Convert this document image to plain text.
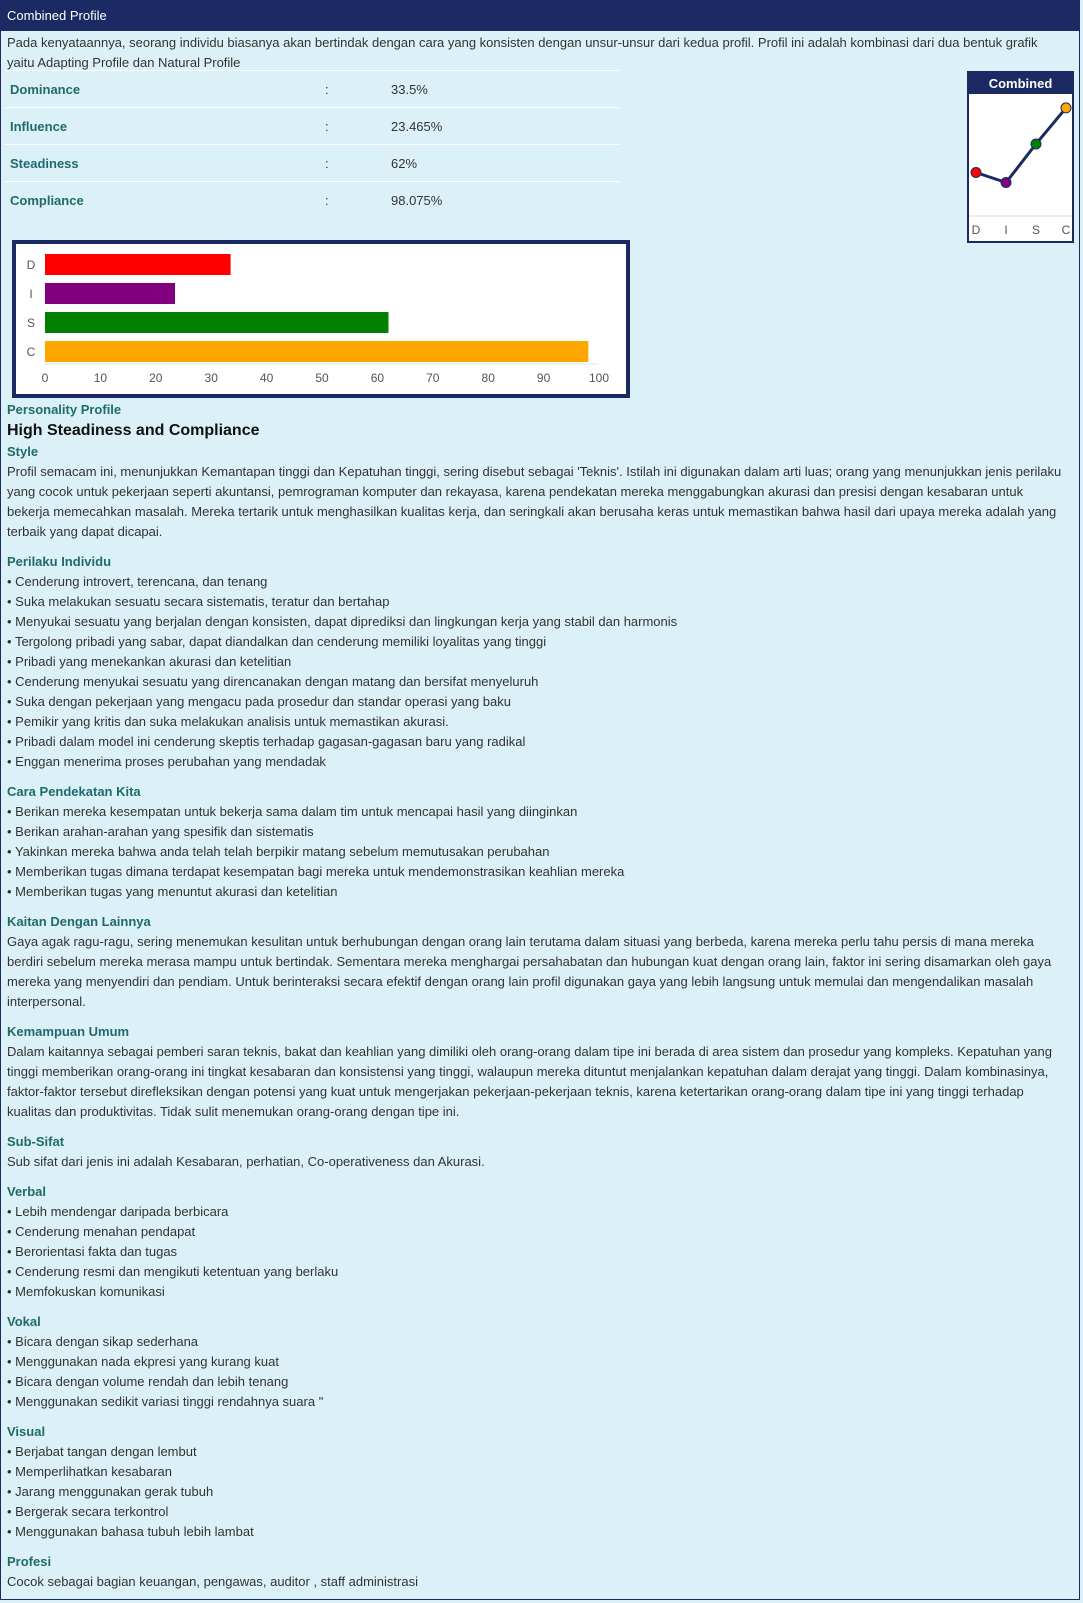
Combined Profile
Pada kenyataannya, seorang individu biasanya akan bertindak dengan cara yang konsisten dengan unsur-unsur dari kedua profil. Profil ini adalah kombinasi dari dua bentuk grafik yaitu Adapting Profile dan Natural Profile
Dominance	:	33.5%
Influence	:	23.465%
Steadiness	:	62%
Compliance	:	98.075%
Combined
D I S C
D
I
S
C
0	10	20	30	40	50	60	70	80	90	100
Personality Profile
High Steadiness and Compliance
Style
Profil semacam ini, menunjukkan Kemantapan tinggi dan Kepatuhan tinggi, sering disebut sebagai 'Teknis'. Istilah ini digunakan dalam arti luas; orang yang menunjukkan jenis perilaku yang cocok untuk pekerjaan seperti akuntansi, pemrograman komputer dan rekayasa, karena pendekatan mereka menggabungkan akurasi dan presisi dengan kesabaran untuk bekerja memecahkan masalah. Mereka tertarik untuk menghasilkan kualitas kerja, dan seringkali akan berusaha keras untuk memastikan bahwa hasil dari upaya mereka adalah yang terbaik yang dapat dicapai.
Perilaku Individu
• Cenderung introvert, terencana, dan tenang
• Suka melakukan sesuatu secara sistematis, teratur dan bertahap
• Menyukai sesuatu yang berjalan dengan konsisten, dapat diprediksi dan lingkungan kerja yang stabil dan harmonis
• Tergolong pribadi yang sabar, dapat diandalkan dan cenderung memiliki loyalitas yang tinggi
• Pribadi yang menekankan akurasi dan ketelitian
• Cenderung menyukai sesuatu yang direncanakan dengan matang dan bersifat menyeluruh
• Suka dengan pekerjaan yang mengacu pada prosedur dan standar operasi yang baku
• Pemikir yang kritis dan suka melakukan analisis untuk memastikan akurasi.
• Pribadi dalam model ini cenderung skeptis terhadap gagasan-gagasan baru yang radikal
• Enggan menerima proses perubahan yang mendadak
Cara Pendekatan Kita
• Berikan mereka kesempatan untuk bekerja sama dalam tim untuk mencapai hasil yang diinginkan
• Berikan arahan-arahan yang spesifik dan sistematis
• Yakinkan mereka bahwa anda telah telah berpikir matang sebelum memutusakan perubahan
• Memberikan tugas dimana terdapat kesempatan bagi mereka untuk mendemonstrasikan keahlian mereka
• Memberikan tugas yang menuntut akurasi dan ketelitian
Kaitan Dengan Lainnya
Gaya agak ragu-ragu, sering menemukan kesulitan untuk berhubungan dengan orang lain terutama dalam situasi yang berbeda, karena mereka perlu tahu persis di mana mereka berdiri sebelum mereka merasa mampu untuk bertindak. Sementara mereka menghargai persahabatan dan hubungan kuat dengan orang lain, faktor ini sering disamarkan oleh gaya mereka yang menyendiri dan pendiam. Untuk berinteraksi secara efektif dengan orang lain profil digunakan gaya yang lebih langsung untuk memulai dan mengendalikan masalah interpersonal.
Kemampuan Umum
Dalam kaitannya sebagai pemberi saran teknis, bakat dan keahlian yang dimiliki oleh orang-orang dalam tipe ini berada di area sistem dan prosedur yang kompleks. Kepatuhan yang tinggi memberikan orang-orang ini tingkat kesabaran dan konsistensi yang tinggi, walaupun mereka dituntut menjalankan kepatuhan dalam derajat yang tinggi. Dalam kombinasinya, faktor-faktor tersebut direfleksikan dengan potensi yang kuat untuk mengerjakan pekerjaan-pekerjaan teknis, karena ketertarikan orang-orang dalam tipe ini yang tinggi terhadap kualitas dan produktivitas. Tidak sulit menemukan orang-orang dengan tipe ini.
Sub-Sifat
Sub sifat dari jenis ini adalah Kesabaran, perhatian, Co-operativeness dan Akurasi.
Verbal
• Lebih mendengar daripada berbicara
• Cenderung menahan pendapat
• Berorientasi fakta dan tugas
• Cenderung resmi dan mengikuti ketentuan yang berlaku
• Memfokuskan komunikasi
Vokal
• Bicara dengan sikap sederhana
• Menggunakan nada ekpresi yang kurang kuat
• Bicara dengan volume rendah dan lebih tenang
• Menggunakan sedikit variasi tinggi rendahnya suara "
Visual
• Berjabat tangan dengan lembut
• Memperlihatkan kesabaran
• Jarang menggunakan gerak tubuh
• Bergerak secara terkontrol
• Menggunakan bahasa tubuh lebih lambat
Profesi
Cocok sebagai bagian keuangan, pengawas, auditor , staff administrasi
